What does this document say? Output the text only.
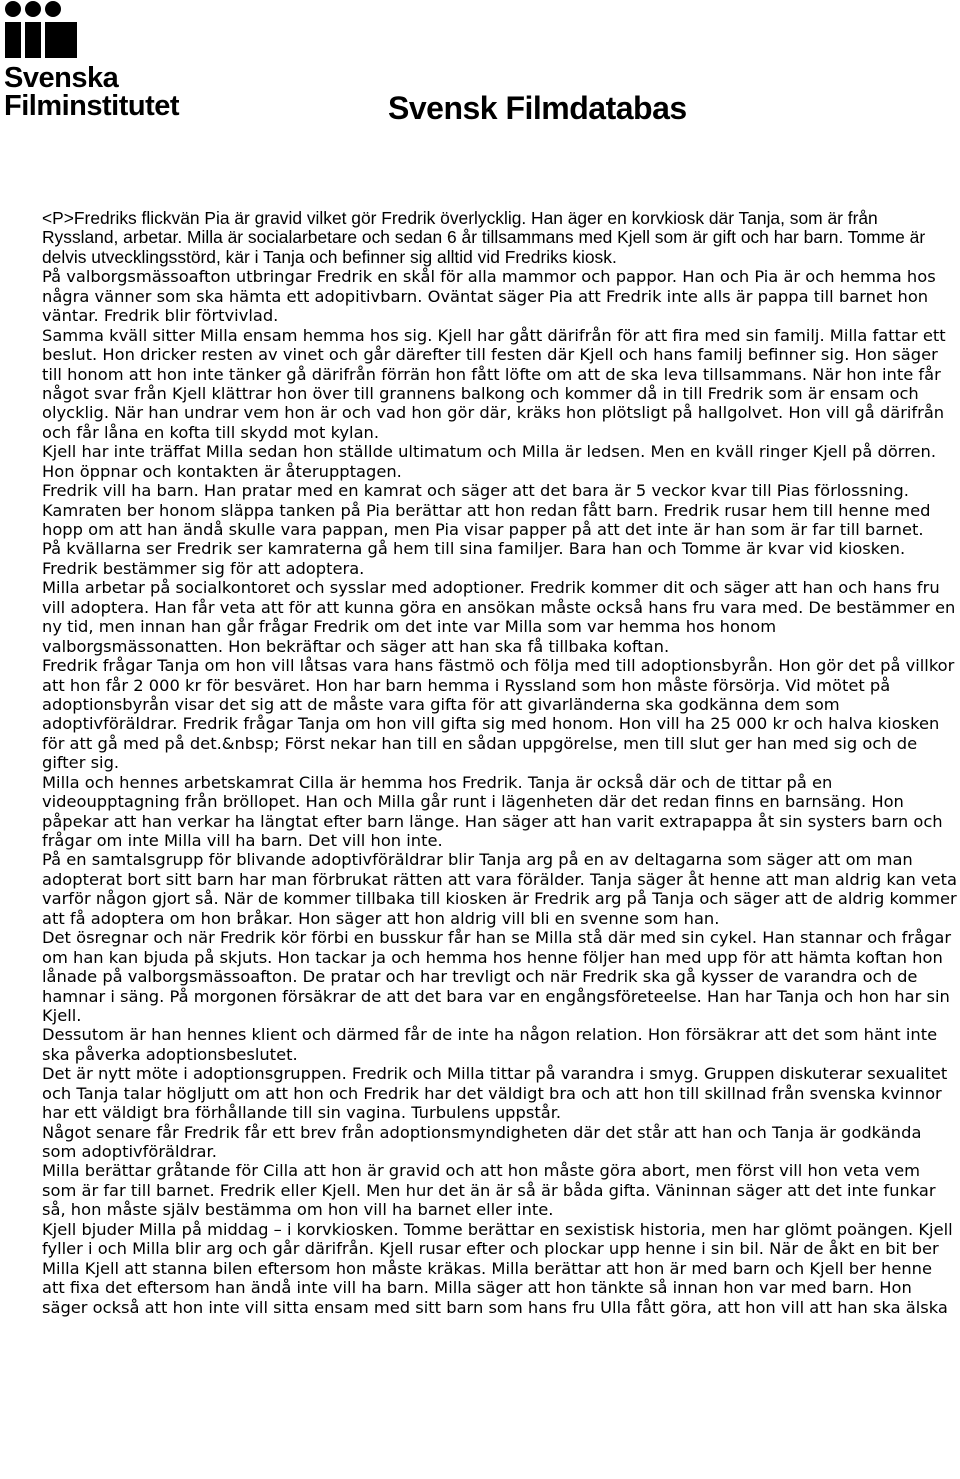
Svenska
Filminstitutet	Svensk Filmdatabas

<P>Fredriks flickvän Pia är gravid vilket gör Fredrik överlycklig. Han äger en korvkiosk där Tanja, som är från Ryssland, arbetar. Milla är socialarbetare och sedan 6 år tillsammans med Kjell som är gift och har barn. Tomme är delvis utvecklingsstörd, kär i Tanja och befinner sig alltid vid Fredriks kiosk.

På valborgsmässoafton utbringar Fredrik en skål för alla mammor och pappor. Han och Pia är och hemma hos några vänner som ska hämta ett adopitivbarn. Oväntat säger Pia att Fredrik inte alls är pappa till barnet hon väntar. Fredrik blir förtvivlad.

Samma kväll sitter Milla ensam hemma hos sig. Kjell har gått därifrån för att fira med sin familj. Milla fattar ett beslut. Hon dricker resten av vinet och går därefter till festen där Kjell och hans familj befinner sig. Hon säger till honom att hon inte tänker gå därifrån förrän hon fått löfte om att de ska leva tillsammans. När hon inte får något svar från Kjell klättrar hon över till grannens balkong och kommer då in till Fredrik som är ensam och olycklig. När han undrar vem hon är och vad hon gör där, kräks hon plötsligt på hallgolvet. Hon vill gå därifrån och får låna en kofta till skydd mot kylan.

Kjell har inte träffat Milla sedan hon ställde ultimatum och Milla är ledsen. Men en kväll ringer Kjell på dörren. Hon öppnar och kontakten är återupptagen.

Fredrik vill ha barn. Han pratar med en kamrat och säger att det bara är 5 veckor kvar till Pias förlossning. Kamraten ber honom släppa tanken på Pia berättar att hon redan fått barn. Fredrik rusar hem till henne med hopp om att han ändå skulle vara pappan, men Pia visar papper på att det inte är han som är far till barnet.

På kvällarna ser Fredrik ser kamraterna gå hem till sina familjer. Bara han och Tomme är kvar vid kiosken. Fredrik bestämmer sig för att adoptera.

Milla arbetar på socialkontoret och sysslar med adoptioner. Fredrik kommer dit och säger att han och hans fru vill adoptera. Han får veta att för att kunna göra en ansökan måste också hans fru vara med. De bestämmer en ny tid, men innan han går frågar Fredrik om det inte var Milla som var hemma hos honom valborgsmässonatten. Hon bekräftar och säger att han ska få tillbaka koftan.

Fredrik frågar Tanja om hon vill låtsas vara hans fästmö och följa med till adoptionsbyrån. Hon gör det på villkor att hon får 2 000 kr för besväret. Hon har barn hemma i Ryssland som hon måste försörja. Vid mötet på adoptionsbyrån visar det sig att de måste vara gifta för att givarländerna ska godkänna dem som adoptivföräldrar. Fredrik frågar Tanja om hon vill gifta sig med honom. Hon vill ha 25 000 kr och halva kiosken för att gå med på det.&nbsp; Först nekar han till en sådan uppgörelse, men till slut ger han med sig och de gifter sig.

Milla och hennes arbetskamrat Cilla är hemma hos Fredrik. Tanja är också där och de tittar på en videoupptagning från bröllopet. Han och Milla går runt i lägenheten där det redan finns en barnsäng. Hon påpekar att han verkar ha längtat efter barn länge. Han säger att han varit extrapappa åt sin systers barn och frågar om inte Milla vill ha barn. Det vill hon inte.

På en samtalsgrupp för blivande adoptivföräldrar blir Tanja arg på en av deltagarna som säger att om man adopterat bort sitt barn har man förbrukat rätten att vara förälder. Tanja säger åt henne att man aldrig kan veta varför någon gjort så. När de kommer tillbaka till kiosken är Fredrik arg på Tanja och säger att de aldrig kommer att få adoptera om hon bråkar. Hon säger att hon aldrig vill bli en svenne som han.

Det ösregnar och när Fredrik kör förbi en busskur får han se Milla stå där med sin cykel. Han stannar och frågar om han kan bjuda på skjuts. Hon tackar ja och hemma hos henne följer han med upp för att hämta koftan hon lånade på valborgsmässoafton. De pratar och har trevligt och när Fredrik ska gå kysser de varandra och de hamnar i säng. På morgonen försäkrar de att det bara var en engångsföreteelse. Han har Tanja och hon har sin Kjell.

Dessutom är han hennes klient och därmed får de inte ha någon relation. Hon försäkrar att det som hänt inte ska påverka adoptionsbeslutet.

Det är nytt möte i adoptionsgruppen. Fredrik och Milla tittar på varandra i smyg. Gruppen diskuterar sexualitet och Tanja talar högljutt om att hon och Fredrik har det väldigt bra och att hon till skillnad från svenska kvinnor har ett väldigt bra förhållande till sin vagina. Turbulens uppstår.

Något senare får Fredrik får ett brev från adoptionsmyndigheten där det står att han och Tanja är godkända som adoptivföräldrar.

Milla berättar gråtande för Cilla att hon är gravid och att hon måste göra abort, men först vill hon veta vem som är far till barnet. Fredrik eller Kjell. Men hur det än är så är båda gifta. Väninnan säger att det inte funkar så, hon måste själv bestämma om hon vill ha barnet eller inte.

Kjell bjuder Milla på middag – i korvkiosken. Tomme berättar en sexistisk historia, men har glömt poängen. Kjell fyller i och Milla blir arg och går därifrån. Kjell rusar efter och plockar upp henne i sin bil. När de åkt en bit ber Milla Kjell att stanna bilen eftersom hon måste kräkas. Milla berättar att hon är med barn och Kjell ber henne att fixa det eftersom han ändå inte vill ha barn. Milla säger att hon tänkte så innan hon var med barn. Hon säger också att hon inte vill sitta ensam med sitt barn som hans fru Ulla fått göra, att hon vill att han ska älska
